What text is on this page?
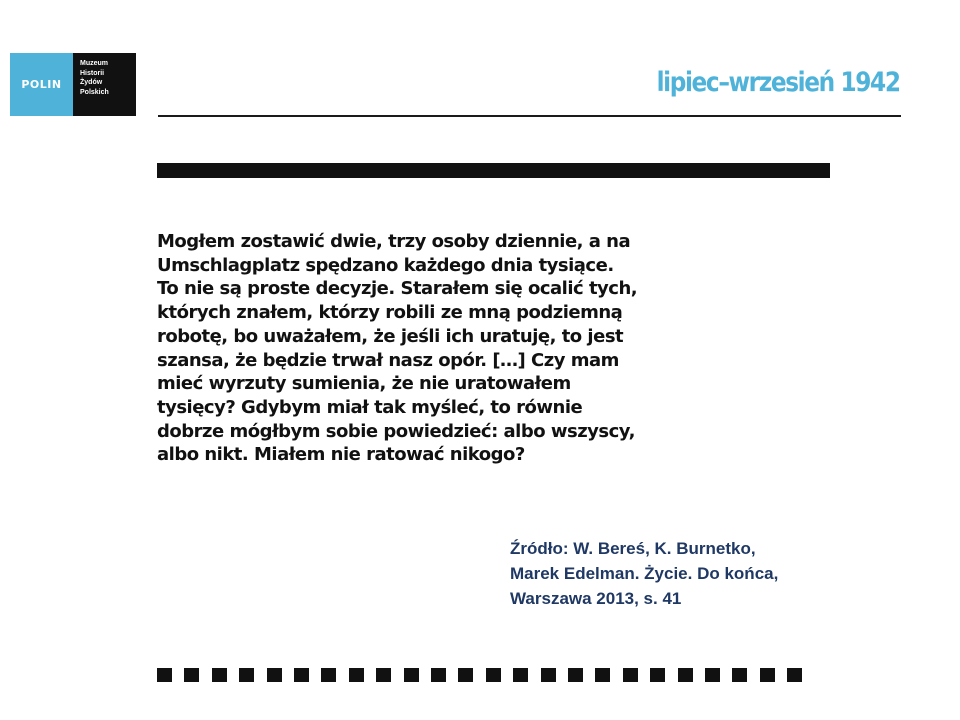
POLIN
Muzeum
Historii
Żydów
Polskich	lipiec–wrzesień 1942

Mogłem zostawić dwie, trzy osoby dziennie, a na
Umschlagplatz spędzano każdego dnia tysiące.
To nie są proste decyzje. Starałem się ocalić tych,
których znałem, którzy robili ze mną podziemną
robotę, bo uważałem, że jeśli ich uratuję, to jest
szansa, że będzie trwał nasz opór. […] Czy mam
mieć wyrzuty sumienia, że nie uratowałem
tysięcy? Gdybym miał tak myśleć, to równie
dobrze mógłbym sobie powiedzieć: albo wszyscy,
albo nikt. Miałem nie ratować nikogo?

Źródło: W. Bereś, K. Burnetko,
Marek Edelman. Życie. Do końca,
Warszawa 2013, s. 41
